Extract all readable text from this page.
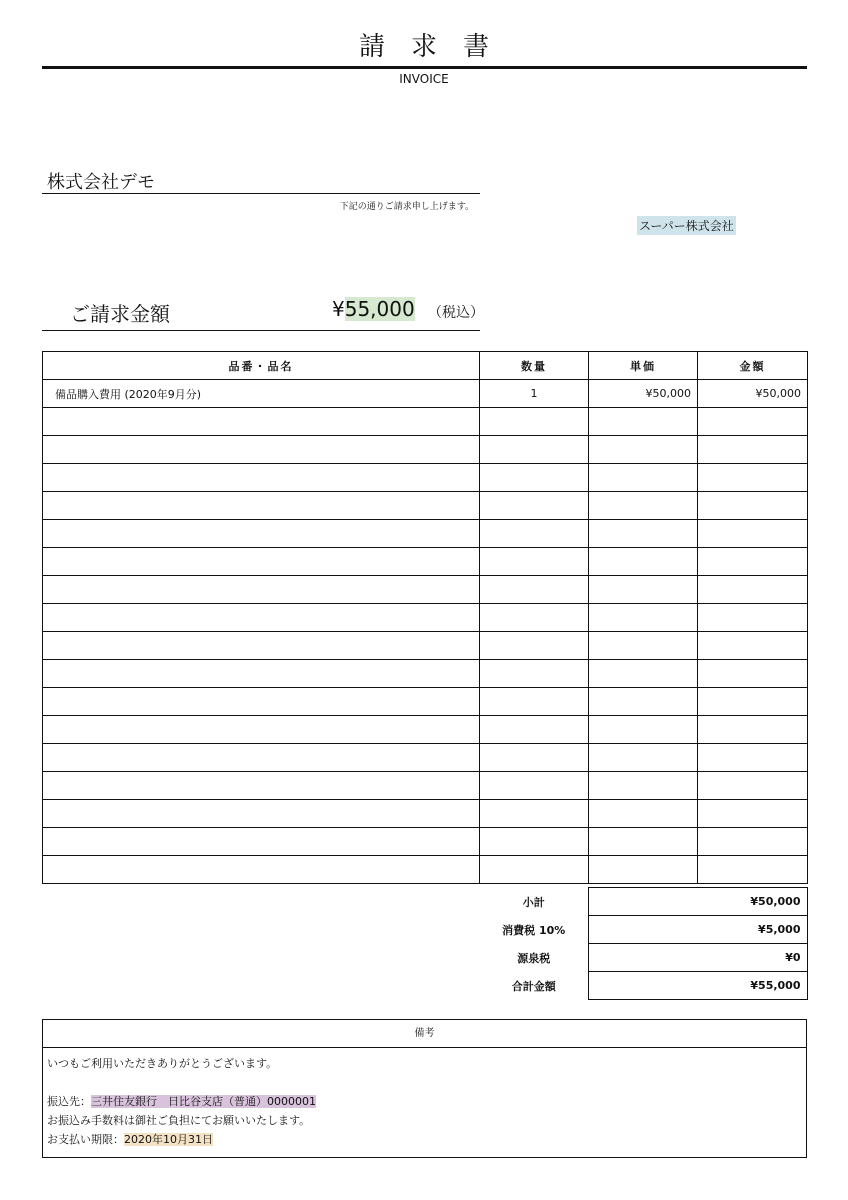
請求書
INVOICE
株式会社デモ
下記の通りご請求申し上げます。
スーパー株式会社
ご請求金額	¥55,000 （税込）
品番・品名	数量	単価	金額
備品購入費用 (2020年9月分)	1	¥50,000	¥50,000

小計	¥50,000
消費税 10%	¥5,000
源泉税	¥0
合計金額	¥55,000
備考
いつもご利用いただきありがとうございます。
振込先：三井住友銀行　日比谷支店（普通）0000001
お振込み手数料は御社ご負担にてお願いいたします。
お支払い期限：2020年10月31日
